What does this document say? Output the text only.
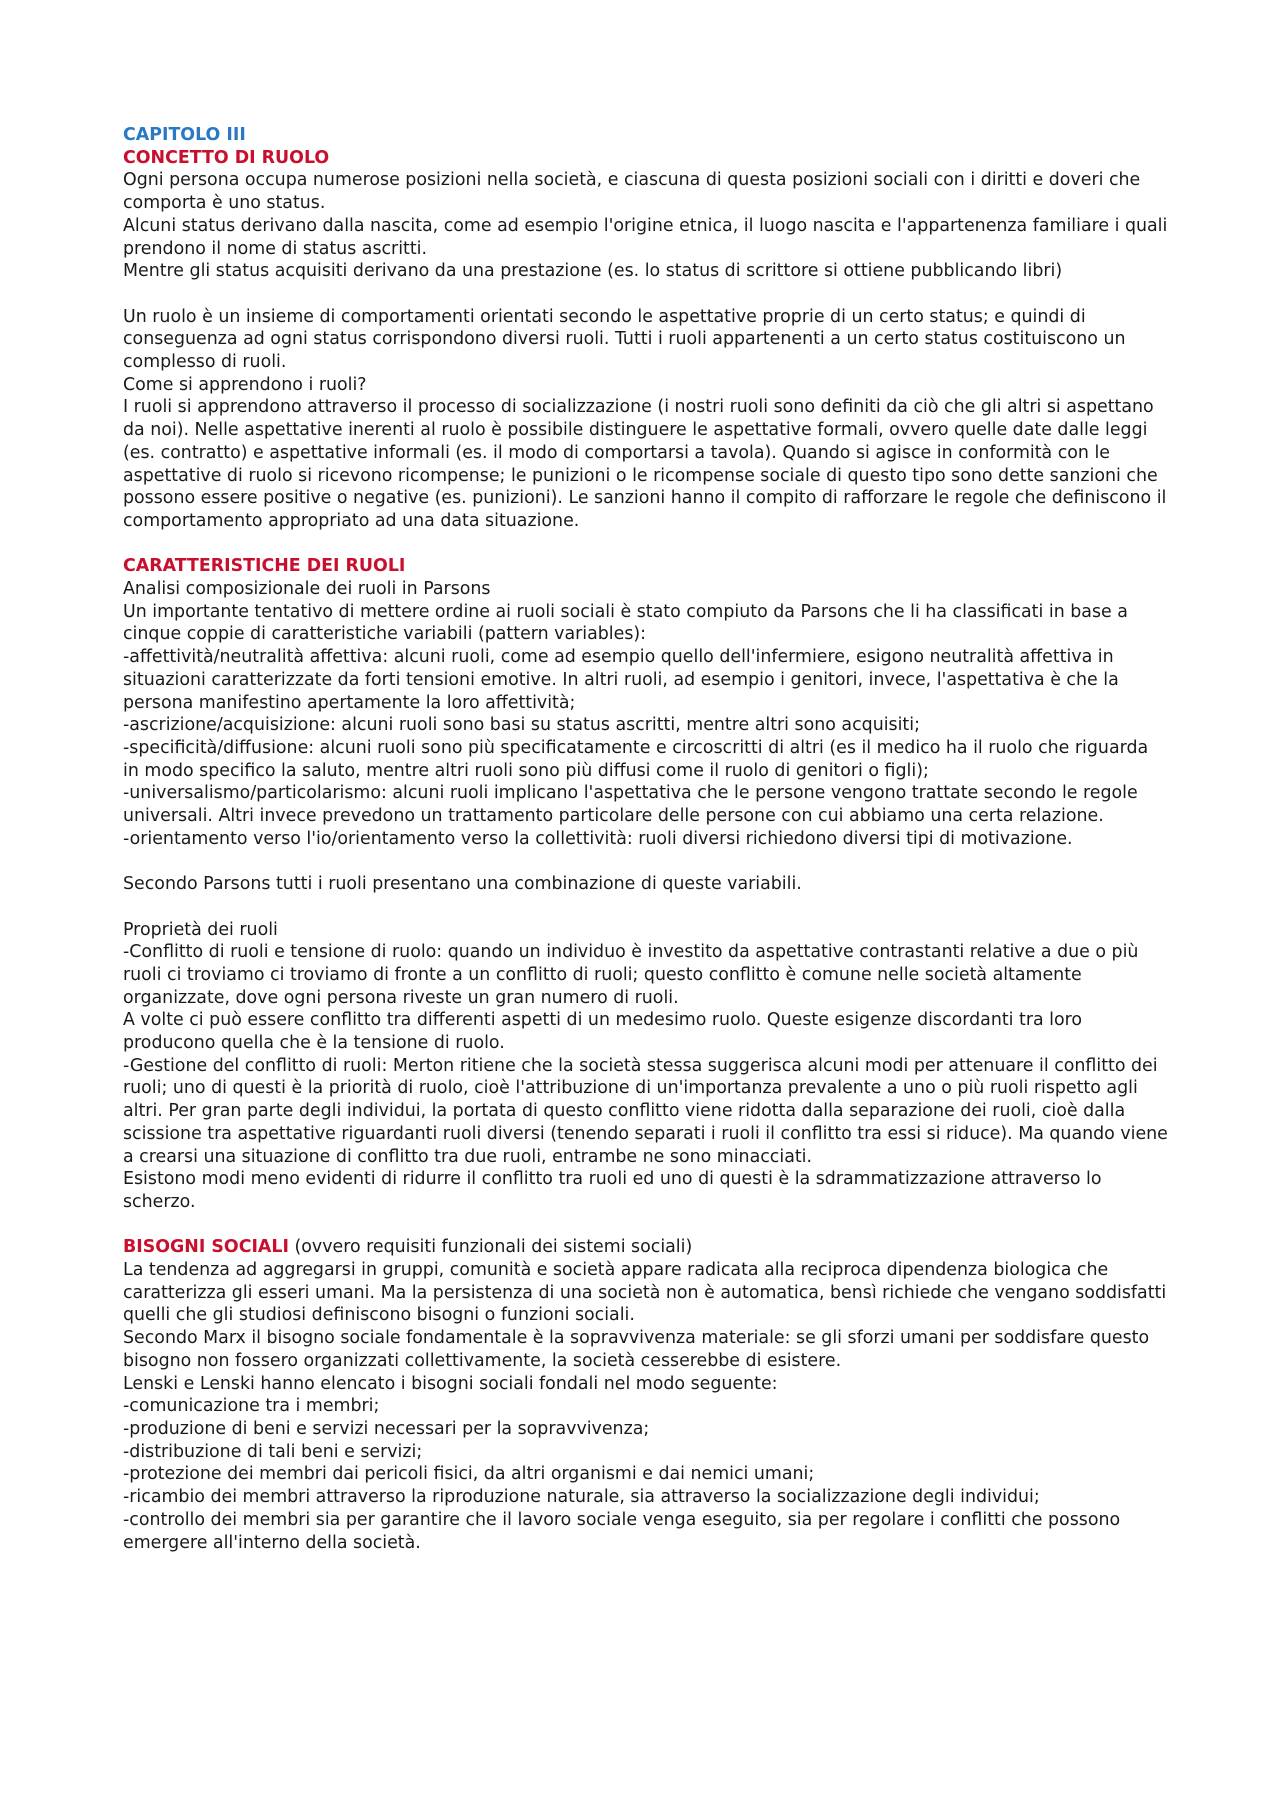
CAPITOLO III

CONCETTO DI RUOLO

Ogni persona occupa numerose posizioni nella società, e ciascuna di questa posizioni sociali con i diritti e doveri che comporta è uno status.

Alcuni status derivano dalla nascita, come ad esempio l'origine etnica, il luogo nascita e l'appartenenza familiare i quali prendono il nome di status ascritti.

Mentre gli status acquisiti derivano da una prestazione (es. lo status di scrittore si ottiene pubblicando libri)

Un ruolo è un insieme di comportamenti orientati secondo le aspettative proprie di un certo status; e quindi di conseguenza ad ogni status corrispondono diversi ruoli. Tutti i ruoli appartenenti a un certo status costituiscono un complesso di ruoli.

Come si apprendono i ruoli?

I ruoli si apprendono attraverso il processo di socializzazione (i nostri ruoli sono definiti da ciò che gli altri si aspettano da noi). Nelle aspettative inerenti al ruolo è possibile distinguere le aspettative formali, ovvero quelle date dalle leggi (es. contratto) e aspettative informali (es. il modo di comportarsi a tavola). Quando si agisce in conformità con le aspettative di ruolo si ricevono ricompense; le punizioni o le ricompense sociale di questo tipo sono dette sanzioni che possono essere positive o negative (es. punizioni). Le sanzioni hanno il compito di rafforzare le regole che definiscono il comportamento appropriato ad una data situazione.

CARATTERISTICHE DEI RUOLI

Analisi composizionale dei ruoli in Parsons

Un importante tentativo di mettere ordine ai ruoli sociali è stato compiuto da Parsons che li ha classificati in base a cinque coppie di caratteristiche variabili (pattern variables):

-affettività/neutralità affettiva: alcuni ruoli, come ad esempio quello dell'infermiere, esigono neutralità affettiva in situazioni caratterizzate da forti tensioni emotive. In altri ruoli, ad esempio i genitori, invece, l'aspettativa è che la persona manifestino apertamente la loro affettività;

-ascrizione/acquisizione: alcuni ruoli sono basi su status ascritti, mentre altri sono acquisiti;

-specificità/diffusione: alcuni ruoli sono più specificatamente e circoscritti di altri (es il medico ha il ruolo che riguarda in modo specifico la saluto, mentre altri ruoli sono più diffusi come il ruolo di genitori o figli);

-universalismo/particolarismo: alcuni ruoli implicano l'aspettativa che le persone vengono trattate secondo le regole universali. Altri invece prevedono un trattamento particolare delle persone con cui abbiamo una certa relazione.

-orientamento verso l'io/orientamento verso la collettività: ruoli diversi richiedono diversi tipi di motivazione.

Secondo Parsons tutti i ruoli presentano una combinazione di queste variabili.

Proprietà dei ruoli

-Conflitto di ruoli e tensione di ruolo: quando un individuo è investito da aspettative contrastanti relative a due o più ruoli ci troviamo ci troviamo di fronte a un conflitto di ruoli; questo conflitto è comune nelle società altamente organizzate, dove ogni persona riveste un gran numero di ruoli.

A volte ci può essere conflitto tra differenti aspetti di un medesimo ruolo. Queste esigenze discordanti tra loro producono quella che è la tensione di ruolo.

-Gestione del conflitto di ruoli: Merton ritiene che la società stessa suggerisca alcuni modi per attenuare il conflitto dei ruoli; uno di questi è la priorità di ruolo, cioè l'attribuzione di un'importanza prevalente a uno o più ruoli rispetto agli altri. Per gran parte degli individui, la portata di questo conflitto viene ridotta dalla separazione dei ruoli, cioè dalla scissione tra aspettative riguardanti ruoli diversi (tenendo separati i ruoli il conflitto tra essi si riduce). Ma quando viene a crearsi una situazione di conflitto tra due ruoli, entrambe ne sono minacciati.

Esistono modi meno evidenti di ridurre il conflitto tra ruoli ed uno di questi è la sdrammatizzazione attraverso lo scherzo.

BISOGNI SOCIALI (ovvero requisiti funzionali dei sistemi sociali)

La tendenza ad aggregarsi in gruppi, comunità e società appare radicata alla reciproca dipendenza biologica che caratterizza gli esseri umani. Ma la persistenza di una società non è automatica, bensì richiede che vengano soddisfatti quelli che gli studiosi definiscono bisogni o funzioni sociali.

Secondo Marx il bisogno sociale fondamentale è la sopravvivenza materiale: se gli sforzi umani per soddisfare questo bisogno non fossero organizzati collettivamente, la società cesserebbe di esistere.

Lenski e Lenski hanno elencato i bisogni sociali fondali nel modo seguente:

-comunicazione tra i membri;

-produzione di beni e servizi necessari per la sopravvivenza;

-distribuzione di tali beni e servizi;

-protezione dei membri dai pericoli fisici, da altri organismi e dai nemici umani;

-ricambio dei membri attraverso la riproduzione naturale, sia attraverso la socializzazione degli individui;

-controllo dei membri sia per garantire che il lavoro sociale venga eseguito, sia per regolare i conflitti che possono emergere all'interno della società.
